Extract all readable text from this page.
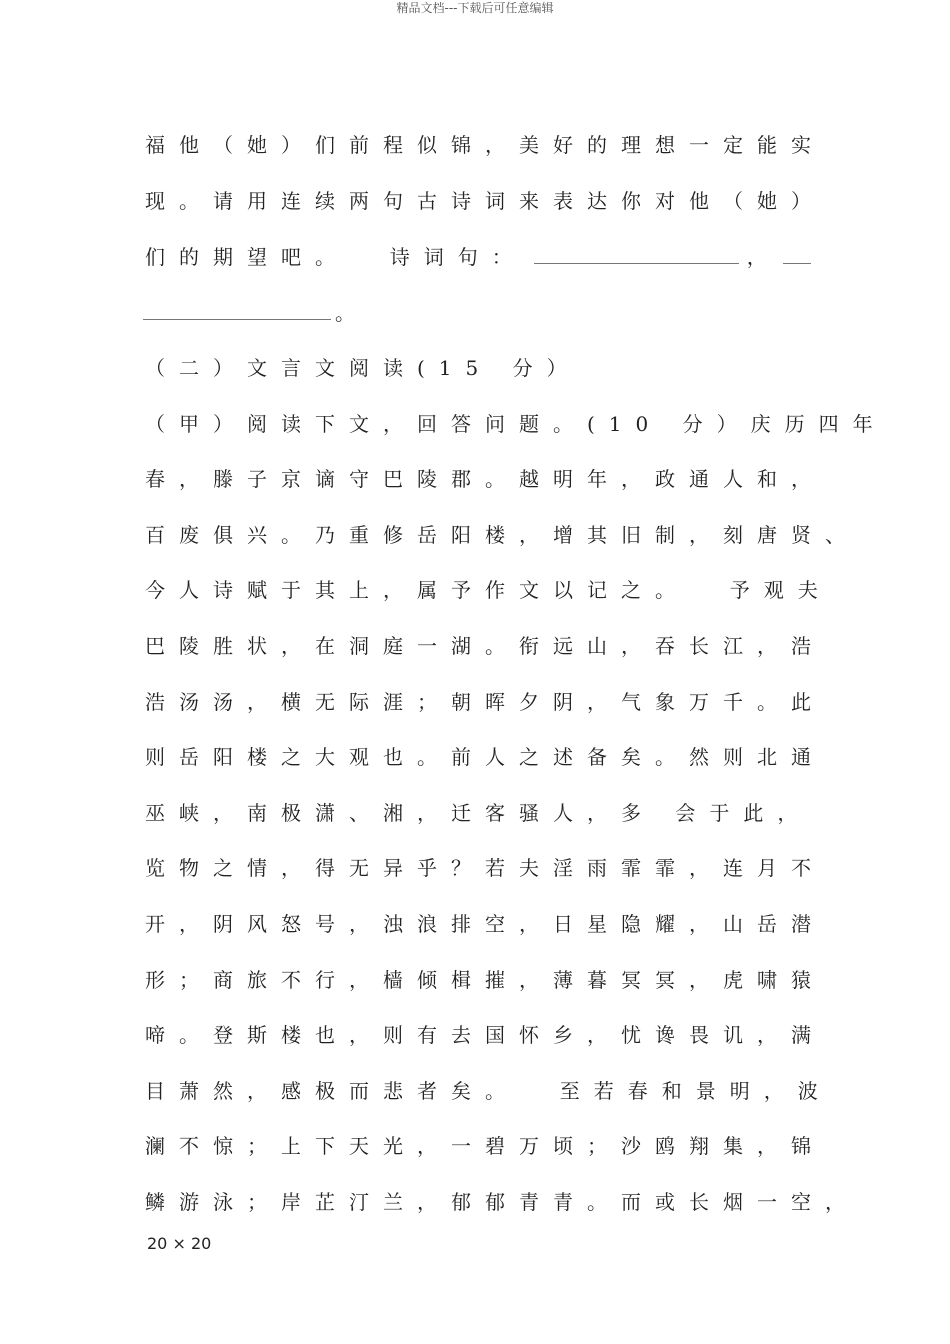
精品文档---下载后可任意编辑
福他（她）们前程似锦，美好的理想一定能实
现。请用连续两句古诗词来表达你对他（她）
们的期望吧。  诗词句：	，
。
（二）文言文阅读(15 分）
（甲）阅读下文，回答问题。(10 分）庆历四年
春，滕子京谪守巴陵郡。越明年，政通人和，
百废俱兴。乃重修岳阳楼，增其旧制，刻唐贤、
今人诗赋于其上，属予作文以记之。  予观夫
巴陵胜状，在洞庭一湖。衔远山，吞长江，浩
浩汤汤，横无际涯；朝晖夕阴，气象万千。此
则岳阳楼之大观也。前人之述备矣。然则北通
巫峡，南极潇、湘，迁客骚人，多 会于此，
览物之情，得无异乎？若夫淫雨霏霏，连月不
开，阴风怒号，浊浪排空，日星隐耀，山岳潜
形；商旅不行，樯倾楫摧，薄暮冥冥，虎啸猿
啼。登斯楼也，则有去国怀乡，忧谗畏讥，满
目萧然，感极而悲者矣。  至若春和景明，波
澜不惊；上下天光，一碧万顷；沙鸥翔集，锦
鳞游泳；岸芷汀兰，郁郁青青。而或长烟一空，
20 × 20
